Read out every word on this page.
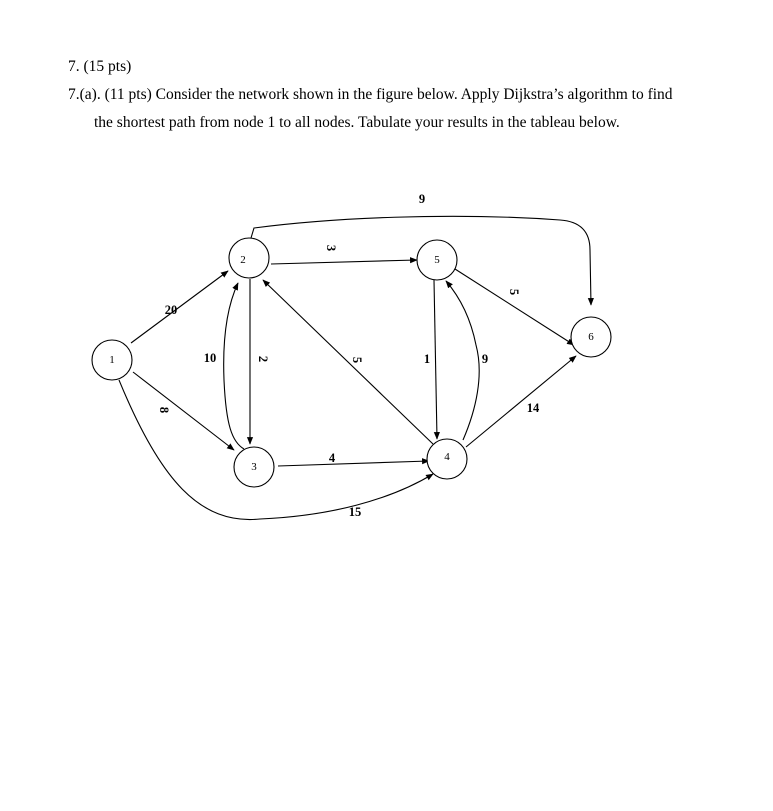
7. (15 pts)
7.(a). (11 pts) Consider the network shown in the figure below. Apply Dijkstra’s algorithm to find
the shortest path from node 1 to all nodes. Tabulate your results in the tableau below.
1
2
3
4
5
6
20
8
15
2
10
3
9
4
5	1	9
5
14
